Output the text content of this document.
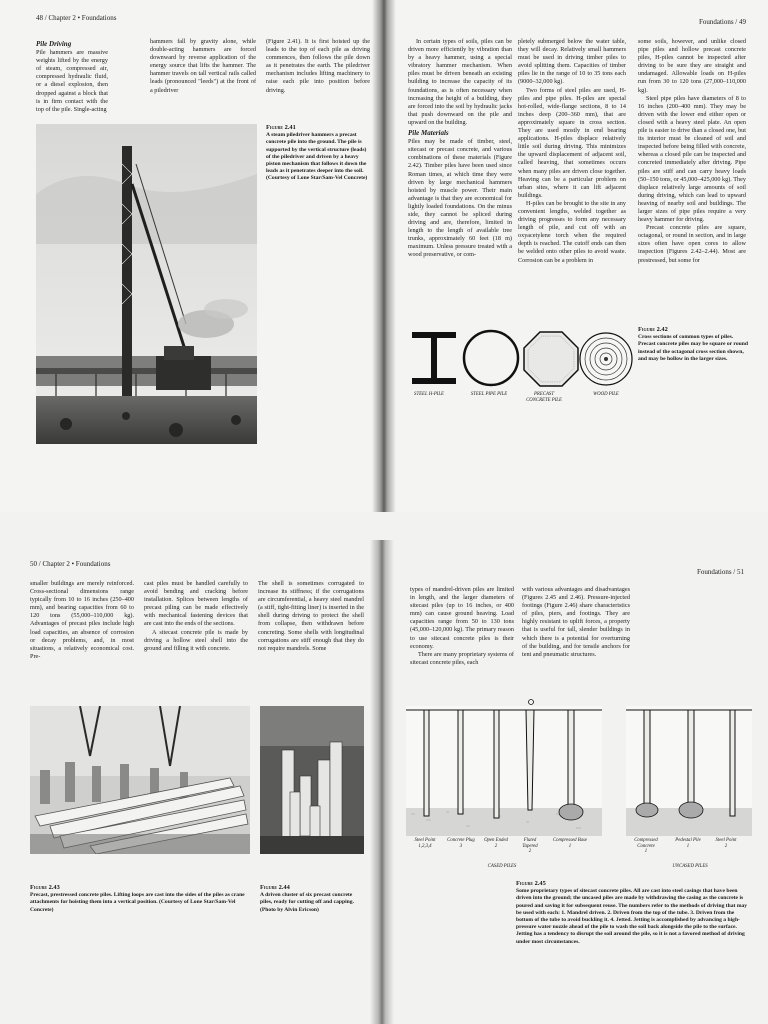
48 / Chapter 2 • Foundations
Pile Driving

Pile hammers are massive weights lifted by the energy of steam, compressed air, compressed hydraulic fluid, or a diesel explosion, then dropped against a block that is in firm contact with the top of the pile. Single-acting

hammers fall by gravity alone, while double-acting hammers are forced downward by reverse application of the energy source that lifts the hammer. The hammer travels on tall vertical rails called leads (pronounced "leeds") at the front of a piledriver

(Figure 2.41). It is first hoisted up the leads to the top of each pile as driving commences, then follows the pile down as it penetrates the earth. The piledriver mechanism includes lifting machinery to raise each pile into position before driving.

Figure 2.41
A steam piledriver hammers a precast concrete pile into the ground. The pile is supported by the vertical structure (leads) of the piledriver and driven by a heavy piston mechanism that follows it down the leads as it penetrates deeper into the soil. (Courtesy of Lone Star/Sam-Vel Concrete)
Foundations / 49

In certain types of soils, piles can be driven more efficiently by vibration than by a heavy hammer, using a special vibratory hammer mechanism. When piles must be driven beneath an existing building to increase the capacity of its foundations, as is often necessary when increasing the height of a building, they are forced into the soil by hydraulic jacks that push downward on the pile and upward on the building.

Pile Materials

Piles may be made of timber, steel, sitecast or precast concrete, and various combinations of these materials (Figure 2.42). Timber piles have been used since Roman times, at which time they were driven by large mechanical hammers hoisted by muscle power. Their main advantage is that they are economical for lightly loaded foundations. On the minus side, they cannot be spliced during driving and are, therefore, limited in length to the length of available tree trunks, approximately 60 feet (18 m) maximum. Unless pressure treated with a wood preservative, or com-

pletely submerged below the water table, they will decay. Relatively small hammers must be used in driving timber piles to avoid splitting them. Capacities of timber piles lie in the range of 10 to 35 tons each (9000–32,000 kg).

Two forms of steel piles are used, H-piles and pipe piles. H-piles are special hot-rolled, wide-flange sections, 8 to 14 inches deep (200–360 mm), that are approximately square in cross section. They are used mostly in end bearing applications. H-piles displace relatively little soil during driving. This minimizes the upward displacement of adjacent soil, called heaving, that sometimes occurs when many piles are driven close together. Heaving can be a particular problem on urban sites, where it can lift adjacent buildings.

H-piles can be brought to the site in any convenient lengths, welded together as driving progresses to form any necessary length of pile, and cut off with an oxyacetylene torch when the required depth is reached. The cutoff ends can then be welded onto other piles to avoid waste. Corrosion can be a problem in

some soils, however, and unlike closed pipe piles and hollow precast concrete piles, H-piles cannot be inspected after driving to be sure they are straight and undamaged. Allowable loads on H-piles run from 30 to 120 tons (27,000–110,000 kg).

Steel pipe piles have diameters of 8 to 16 inches (200–400 mm). They may be driven with the lower end either open or closed with a heavy steel plate. An open pile is easier to drive than a closed one, but its interior must be cleaned of soil and inspected before being filled with concrete, whereas a closed pile can be inspected and concreted immediately after driving. Pipe piles are stiff and can carry heavy loads (50–150 tons, or 45,000–425,000 kg). They displace relatively large amounts of soil during driving, which can lead to upward heaving of nearby soil and buildings. The larger sizes of pipe piles require a very heavy hammer for driving.

Precast concrete piles are square, octagonal, or round in section, and in large sizes often have open cores to allow inspection (Figures 2.42–2.44). Most are prestressed, but some for

STEEL H-PILE	STEEL PIPE PILE	PRECAST CONCRETE PILE
WOOD PILE
Figure 2.42
Cross sections of common types of piles. Precast concrete piles may be square or round instead of the octagonal cross section shown, and may be hollow in the larger sizes.
50 / Chapter 2 • Foundations

smaller buildings are merely reinforced. Cross-sectional dimensions range typically from 10 to 16 inches (250–400 mm), and bearing capacities from 60 to 120 tons (55,000–110,000 kg). Advantages of precast piles include high load capacities, an absence of corrosion or decay problems, and, in most situations, a relatively economical cost. Pre-

cast piles must be handled carefully to avoid bending and cracking before installation. Splices between lengths of precast piling can be made effectively with mechanical fastening devices that are cast into the ends of the sections.

A sitecast concrete pile is made by driving a hollow steel shell into the ground and filling it with concrete.

The shell is sometimes corrugated to increase its stiffness; if the corrugations are circumferential, a heavy steel mandrel (a stiff, tight-fitting liner) is inserted in the shell during driving to protect the shell from collapse, then withdrawn before concreting. Some shells with longitudinal corrugations are stiff enough that they do not require mandrels. Some

Figure 2.43
Precast, prestressed concrete piles. Lifting loops are cast into the sides of the piles as crane attachments for hoisting them into a vertical position. (Courtesy of Lone Star/Sam-Vel Concrete)
Figure 2.44
A driven cluster of six precast concrete piles, ready for cutting off and capping. (Photo by Alvin Ericson)
Foundations / 51

types of mandrel-driven piles are limited in length, and the larger diameters of sitecast piles (up to 16 inches, or 400 mm) can cause ground heaving. Load capacities range from 50 to 130 tons (45,000–120,000 kg). The primary reason to use sitecast concrete piles is their economy.

There are many proprietary systems of sitecast concrete piles, each

with various advantages and disadvantages (Figures 2.45 and 2.46). Pressure-injected footings (Figure 2.46) share characteristics of piles, piers, and footings. They are highly resistant to uplift forces, a property that is useful for tall, slender buildings in which there is a potential for overturning of the building, and for tensile anchors for tent and pneumatic structures.

Steel Point
1,2,3,4
Concrete Plug
3
Open Ended
2
Fluted Tapered
2
Compressed Base
1
Compressed Concrete
1
Pedestal Pile
1
Steel Point
2
CASED PILES	UNCASED PILES
Figure 2.45
Some proprietary types of sitecast concrete piles. All are cast into steel casings that have been driven into the ground; the uncased piles are made by withdrawing the casing as the concrete is poured and saving it for subsequent reuse. The numbers refer to the methods of driving that may be used with each: 1. Mandrel driven. 2. Driven from the top of the tube. 3. Driven from the bottom of the tube to avoid buckling it. 4. Jetted. Jetting is accomplished by advancing a high-pressure water nozzle ahead of the pile to wash the soil back alongside the pile to the surface. Jetting has a tendency to disrupt the soil around the pile, so it is not a favored method of driving under most circumstances.
